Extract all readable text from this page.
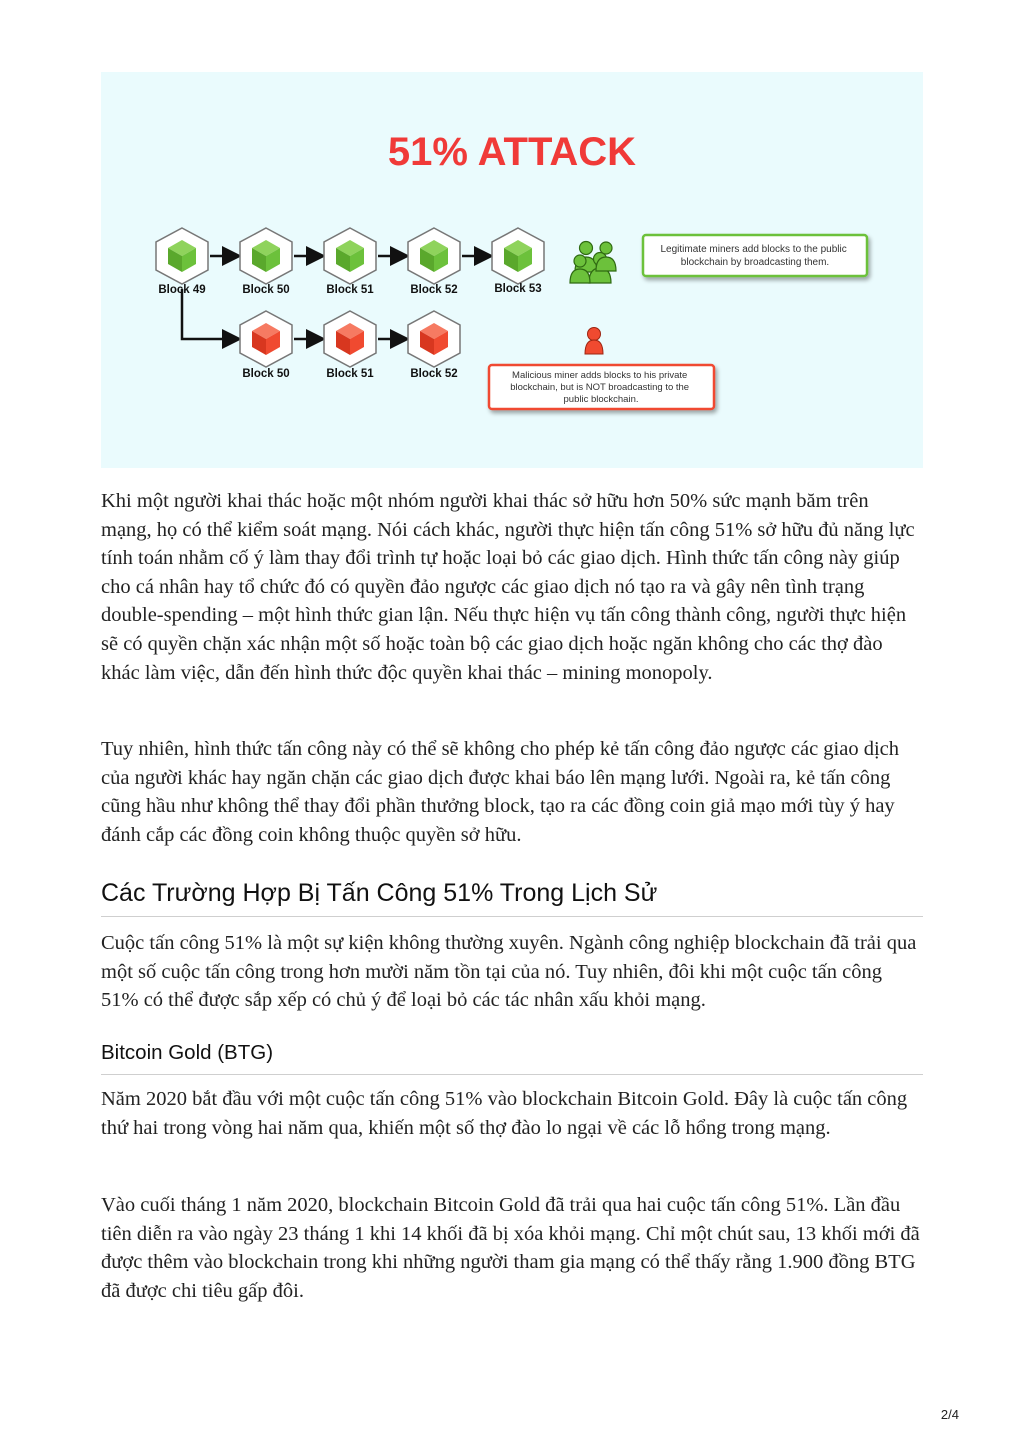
51% ATTACK
Block 49	Block 50	Block 51	Block 52	Block 53
Block 50	Block 51	Block 52
Legitimate miners add blocks to the public blockchain by broadcasting them.
Malicious miner adds blocks to his private blockchain, but is NOT broadcasting to the public blockchain.

Khi một người khai thác hoặc một nhóm người khai thác sở hữu hơn 50% sức mạnh băm trên mạng, họ có thể kiểm soát mạng. Nói cách khác, người thực hiện tấn công 51% sở hữu đủ năng lực tính toán nhằm cố ý làm thay đổi trình tự hoặc loại bỏ các giao dịch. Hình thức tấn công này giúp cho cá nhân hay tổ chức đó có quyền đảo ngược các giao dịch nó tạo ra và gây nên tình trạng double-spending – một hình thức gian lận. Nếu thực hiện vụ tấn công thành công, người thực hiện sẽ có quyền chặn xác nhận một số hoặc toàn bộ các giao dịch hoặc ngăn không cho các thợ đào khác làm việc, dẫn đến hình thức độc quyền khai thác – mining monopoly.

Tuy nhiên, hình thức tấn công này có thể sẽ không cho phép kẻ tấn công đảo ngược các giao dịch của người khác hay ngăn chặn các giao dịch được khai báo lên mạng lưới. Ngoài ra, kẻ tấn công cũng hầu như không thể thay đổi phần thưởng block, tạo ra các đồng coin giả mạo mới tùy ý hay đánh cắp các đồng coin không thuộc quyền sở hữu.

Các Trường Hợp Bị Tấn Công 51% Trong Lịch Sử

Cuộc tấn công 51% là một sự kiện không thường xuyên. Ngành công nghiệp blockchain đã trải qua một số cuộc tấn công trong hơn mười năm tồn tại của nó. Tuy nhiên, đôi khi một cuộc tấn công 51% có thể được sắp xếp có chủ ý để loại bỏ các tác nhân xấu khỏi mạng.

Bitcoin Gold (BTG)

Năm 2020 bắt đầu với một cuộc tấn công 51% vào blockchain Bitcoin Gold. Đây là cuộc tấn công thứ hai trong vòng hai năm qua, khiến một số thợ đào lo ngại về các lỗ hổng trong mạng.

Vào cuối tháng 1 năm 2020, blockchain Bitcoin Gold đã trải qua hai cuộc tấn công 51%. Lần đầu tiên diễn ra vào ngày 23 tháng 1 khi 14 khối đã bị xóa khỏi mạng. Chỉ một chút sau, 13 khối mới đã được thêm vào blockchain trong khi những người tham gia mạng có thể thấy rằng 1.900 đồng BTG đã được chi tiêu gấp đôi.

2/4
